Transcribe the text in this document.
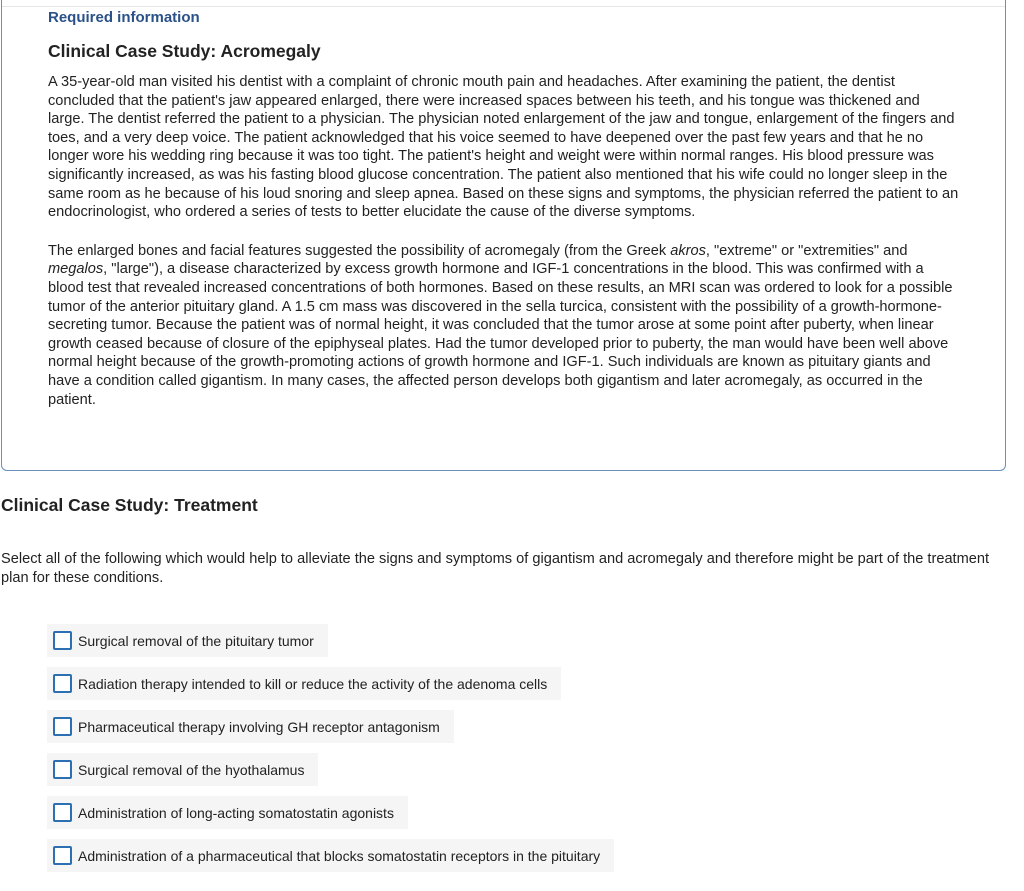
Required information

Clinical Case Study: Acromegaly

A 35-year-old man visited his dentist with a complaint of chronic mouth pain and headaches. After examining the patient, the dentist concluded that the patient's jaw appeared enlarged, there were increased spaces between his teeth, and his tongue was thickened and large. The dentist referred the patient to a physician. The physician noted enlargement of the jaw and tongue, enlargement of the fingers and toes, and a very deep voice. The patient acknowledged that his voice seemed to have deepened over the past few years and that he no longer wore his wedding ring because it was too tight. The patient's height and weight were within normal ranges. His blood pressure was significantly increased, as was his fasting blood glucose concentration. The patient also mentioned that his wife could no longer sleep in the same room as he because of his loud snoring and sleep apnea. Based on these signs and symptoms, the physician referred the patient to an endocrinologist, who ordered a series of tests to better elucidate the cause of the diverse symptoms.

The enlarged bones and facial features suggested the possibility of acromegaly (from the Greek akros, "extreme" or "extremities" and megalos, "large"), a disease characterized by excess growth hormone and IGF-1 concentrations in the blood. This was confirmed with a blood test that revealed increased concentrations of both hormones. Based on these results, an MRI scan was ordered to look for a possible tumor of the anterior pituitary gland. A 1.5 cm mass was discovered in the sella turcica, consistent with the possibility of a growth-hormone-secreting tumor. Because the patient was of normal height, it was concluded that the tumor arose at some point after puberty, when linear growth ceased because of closure of the epiphyseal plates. Had the tumor developed prior to puberty, the man would have been well above normal height because of the growth-promoting actions of growth hormone and IGF-1. Such individuals are known as pituitary giants and have a condition called gigantism. In many cases, the affected person develops both gigantism and later acromegaly, as occurred in the patient.

Clinical Case Study: Treatment

Select all of the following which would help to alleviate the signs and symptoms of gigantism and acromegaly and therefore might be part of the treatment plan for these conditions.

Surgical removal of the pituitary tumor
Radiation therapy intended to kill or reduce the activity of the adenoma cells
Pharmaceutical therapy involving GH receptor antagonism
Surgical removal of the hyothalamus
Administration of long-acting somatostatin agonists
Administration of a pharmaceutical that blocks somatostatin receptors in the pituitary
